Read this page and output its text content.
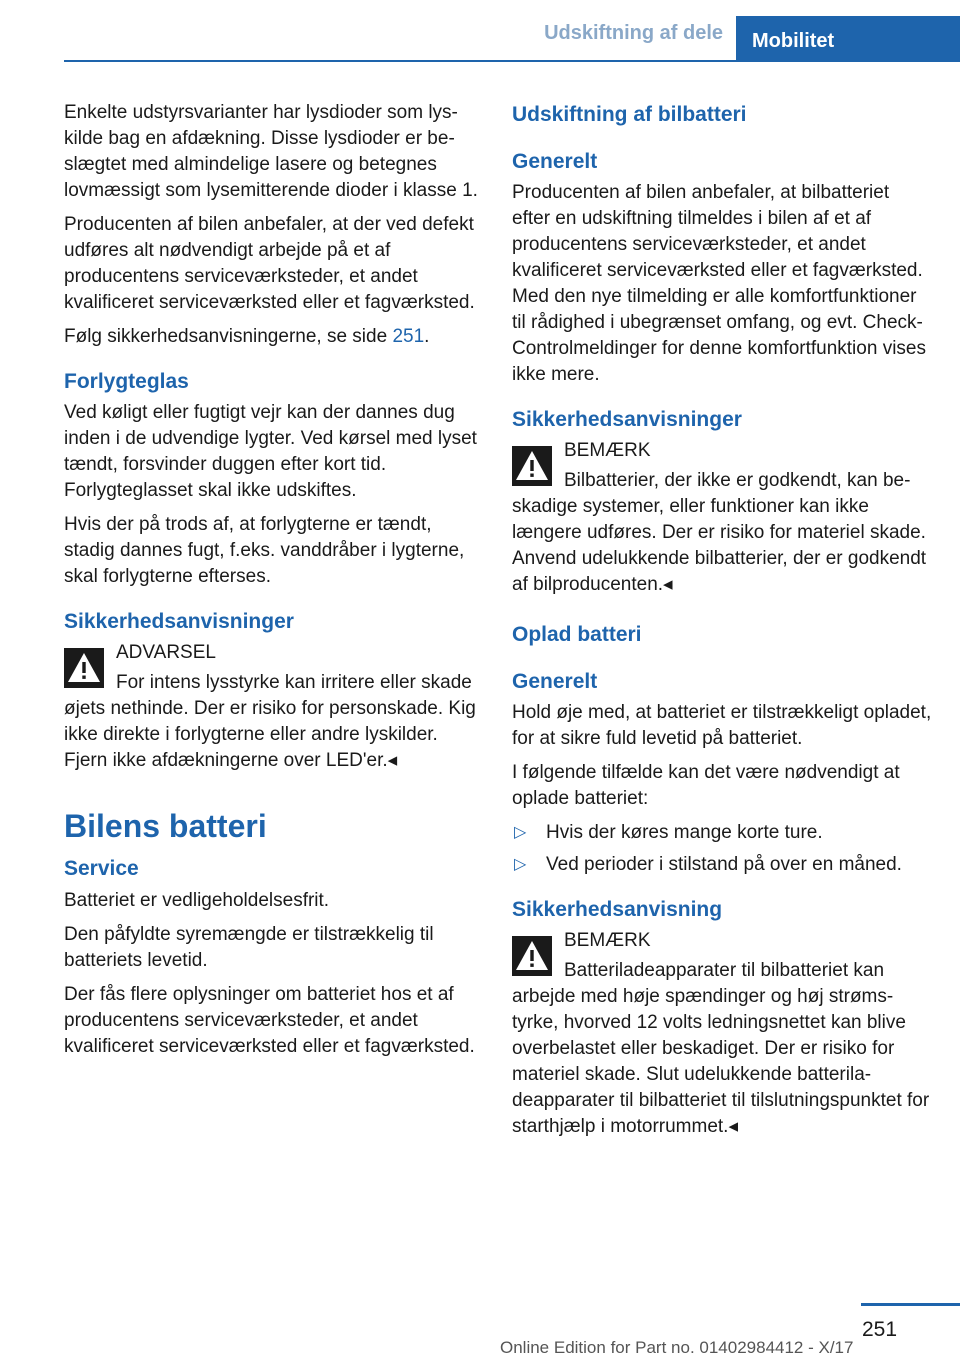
Udskiftning af dele	Mobilitet

Enkelte udstyrsvarianter har lysdioder som lyskilde bag en afdækning. Disse lysdioder er beslægtet med almindelige lasere og betegnes lovmæssigt som lysemitterende dioder i klasse 1.

Producenten af bilen anbefaler, at der ved defekt udføres alt nødvendigt arbejde på et af producentens serviceværksteder, et andet kvalificeret serviceværksted eller et fagværksted.

Følg sikkerhedsanvisningerne, se side 251.

Forlygteglas

Ved køligt eller fugtigt vejr kan der dannes dug inden i de udvendige lygter. Ved kørsel med lyset tændt, forsvinder duggen efter kort tid. Forlygteglasset skal ikke udskiftes.

Hvis der på trods af, at forlygterne er tændt, stadig dannes fugt, f.eks. vanddråber i lygterne, skal forlygterne efterses.

Sikkerhedsanvisninger
ADVARSEL
For intens lysstyrke kan irritere eller skade øjets nethinde. Der er risiko for personskade. Kig ikke direkte i forlygterne eller andre lyskilder. Fjern ikke afdækningerne over LED'er.◂
Bilens batteri
Service

Batteriet er vedligeholdelsesfrit.

Den påfyldte syremængde er tilstrækkelig til batteriets levetid.

Der fås flere oplysninger om batteriet hos et af producentens serviceværksteder, et andet kvalificeret serviceværksted eller et fagværksted.

Udskiftning af bilbatteri
Generelt

Producenten af bilen anbefaler, at bilbatteriet efter en udskiftning tilmeldes i bilen af et af producentens serviceværksteder, et andet kvalificeret serviceværksted eller et fagværksted. Med den nye tilmelding er alle komfortfunktioner til rådighed i ubegrænset omfang, og evt. Check-Controlmeldinger for denne komfortfunktion vises ikke mere.

Sikkerhedsanvisninger
BEMÆRK
Bilbatterier, der ikke er godkendt, kan beskadige systemer, eller funktioner kan ikke længere udføres. Der er risiko for materiel skade. Anvend udelukkende bilbatterier, der er godkendt af bilproducenten.◂
Oplad batteri
Generelt

Hold øje med, at batteriet er tilstrækkeligt opladet, for at sikre fuld levetid på batteriet.

I følgende tilfælde kan det være nødvendigt at oplade batteriet:

▷ Hvis der køres mange korte ture.
▷ Ved perioder i stilstand på over en måned.
Sikkerhedsanvisning
BEMÆRK
Batteriladeapparater til bilbatteriet kan arbejde med høje spændinger og høj strømstyrke, hvorved 12 volts ledningsnettet kan blive overbelastet eller beskadiget. Der er risiko for materiel skade. Slut udelukkende batteriladeapparater til bilbatteriet til tilslutningspunktet for starthjælp i motorrummet.◂
251
Online Edition for Part no. 01402984412 - X/17
